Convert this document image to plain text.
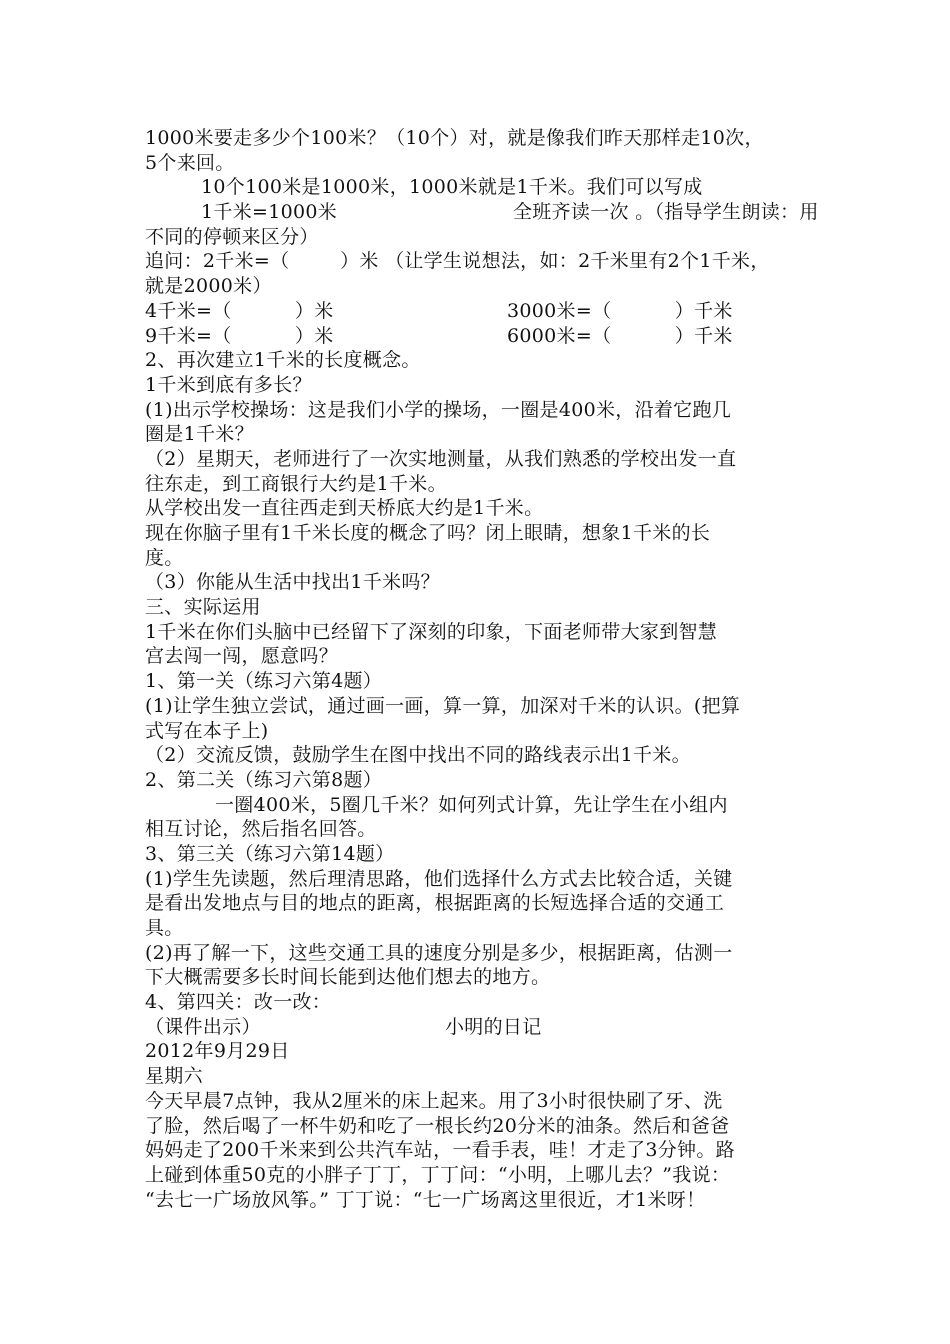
1000米要走多少个100米？（10个）对，就是像我们昨天那样走10次，
5个来回。
10个100米是1000米，1000米就是1千米。我们可以写成
1千米=1000米	全班齐读一次 。（指导学生朗读：用
不同的停顿来区分）
追问：2千米=（        ）米 （让学生说想法，如：2千米里有2个1千米，
就是2000米）
4千米=（          ）米	3000米=（          ）千米
9千米=（          ）米	6000米=（          ）千米
2、再次建立1千米的长度概念。
1千米到底有多长？
(1)出示学校操场：这是我们小学的操场，一圈是400米，沿着它跑几
圈是1千米？
（2）星期天，老师进行了一次实地测量，从我们熟悉的学校出发一直
往东走，到工商银行大约是1千米。
从学校出发一直往西走到天桥底大约是1千米。
现在你脑子里有1千米长度的概念了吗？闭上眼睛，想象1千米的长
度。
（3）你能从生活中找出1千米吗？
三、实际运用
1千米在你们头脑中已经留下了深刻的印象，下面老师带大家到智慧
宫去闯一闯，愿意吗？
1、第一关（练习六第4题）
(1)让学生独立尝试，通过画一画，算一算，加深对千米的认识。(把算
式写在本子上)
（2）交流反馈，鼓励学生在图中找出不同的路线表示出1千米。
2、第二关（练习六第8题）
一圈400米，5圈几千米？如何列式计算，先让学生在小组内
相互讨论，然后指名回答。
3、第三关（练习六第14题）
(1)学生先读题，然后理清思路，他们选择什么方式去比较合适，关键
是看出发地点与目的地点的距离，根据距离的长短选择合适的交通工
具。
(2)再了解一下，这些交通工具的速度分别是多少，根据距离，估测一
下大概需要多长时间长能到达他们想去的地方。
4、第四关：改一改：
（课件出示）	小明的日记
2012年9月29日
星期六
今天早晨7点钟，我从2厘米的床上起来。用了3小时很快刷了牙、洗
了脸，然后喝了一杯牛奶和吃了一根长约20分米的油条。然后和爸爸
妈妈走了200千米来到公共汽车站，一看手表，哇！才走了3分钟。路
上碰到体重50克的小胖子丁丁，丁丁问：“小明，上哪儿去？”我说：
“去七一广场放风筝。” 丁丁说：“七一广场离这里很近，才1米呀！
